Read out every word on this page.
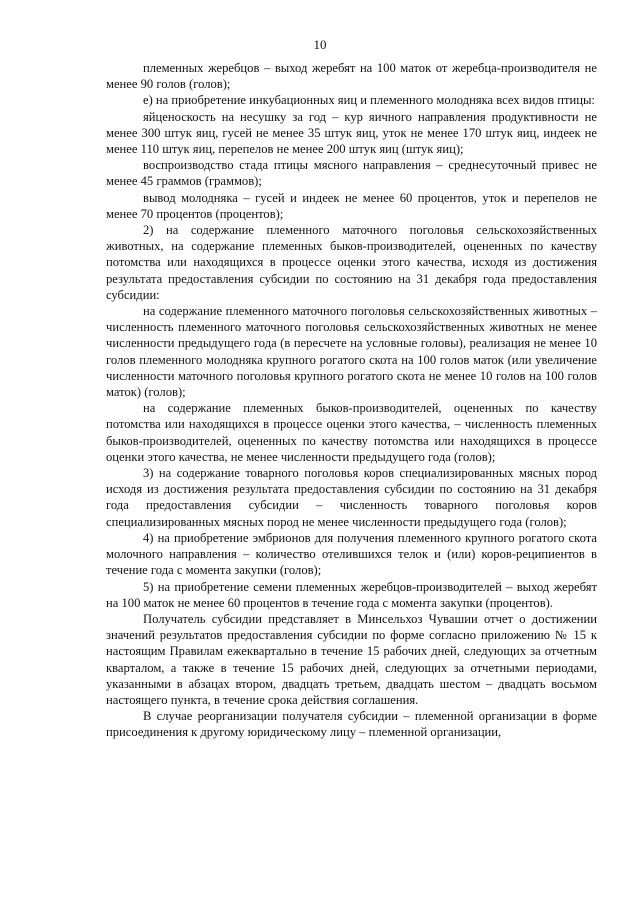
10

племенных жеребцов – выход жеребят на 100 маток от жеребца-производителя не менее 90 голов (голов);

е) на приобретение инкубационных яиц и племенного молодняка всех видов птицы:

яйценоскость на несушку за год – кур яичного направления продуктивности не менее 300 штук яиц, гусей не менее 35 штук яиц, уток не менее 170 штук яиц, индеек не менее 110 штук яиц, перепелов не менее 200 штук яиц (штук яиц);

воспроизводство стада птицы мясного направления – среднесуточный привес не менее 45 граммов (граммов);

вывод молодняка – гусей и индеек не менее 60 процентов, уток и перепелов не менее 70 процентов (процентов);

2) на содержание племенного маточного поголовья сельскохозяйственных животных, на содержание племенных быков-производителей, оцененных по качеству потомства или находящихся в процессе оценки этого качества, исходя из достижения результата предоставления субсидии по состоянию на 31 декабря года предоставления субсидии:

на содержание племенного маточного поголовья сельскохозяйственных животных – численность племенного маточного поголовья сельскохозяйственных животных не менее численности предыдущего года (в пересчете на условные головы), реализация не менее 10 голов племенного молодняка крупного рогатого скота на 100 голов маток (или увеличение численности маточного поголовья крупного рогатого скота не менее 10 голов на 100 голов маток) (голов);

на содержание племенных быков-производителей, оцененных по качеству потомства или находящихся в процессе оценки этого качества, – численность племенных быков-производителей, оцененных по качеству потомства или находящихся в процессе оценки этого качества, не менее численности предыдущего года (голов);

3) на содержание товарного поголовья коров специализированных мясных пород исходя из достижения результата предоставления субсидии по состоянию на 31 декабря года предоставления субсидии – численность товарного поголовья коров специализированных мясных пород не менее численности предыдущего года (голов);

4) на приобретение эмбрионов для получения племенного крупного рогатого скота молочного направления – количество отелившихся телок и (или) коров-реципиентов в течение года с момента закупки (голов);

5) на приобретение семени племенных жеребцов-производителей – выход жеребят на 100 маток не менее 60 процентов в течение года с момента закупки (процентов).

Получатель субсидии представляет в Минсельхоз Чувашии отчет о достижении значений результатов предоставления субсидии по форме согласно приложению № 15 к настоящим Правилам ежеквартально в течение 15 рабочих дней, следующих за отчетным кварталом, а также в течение 15 рабочих дней, следующих за отчетными периодами, указанными в абзацах втором, двадцать третьем, двадцать шестом – двадцать восьмом настоящего пункта, в течение срока действия соглашения.

В случае реорганизации получателя субсидии – племенной организации в форме присоединения к другому юридическому лицу – племенной организации,
